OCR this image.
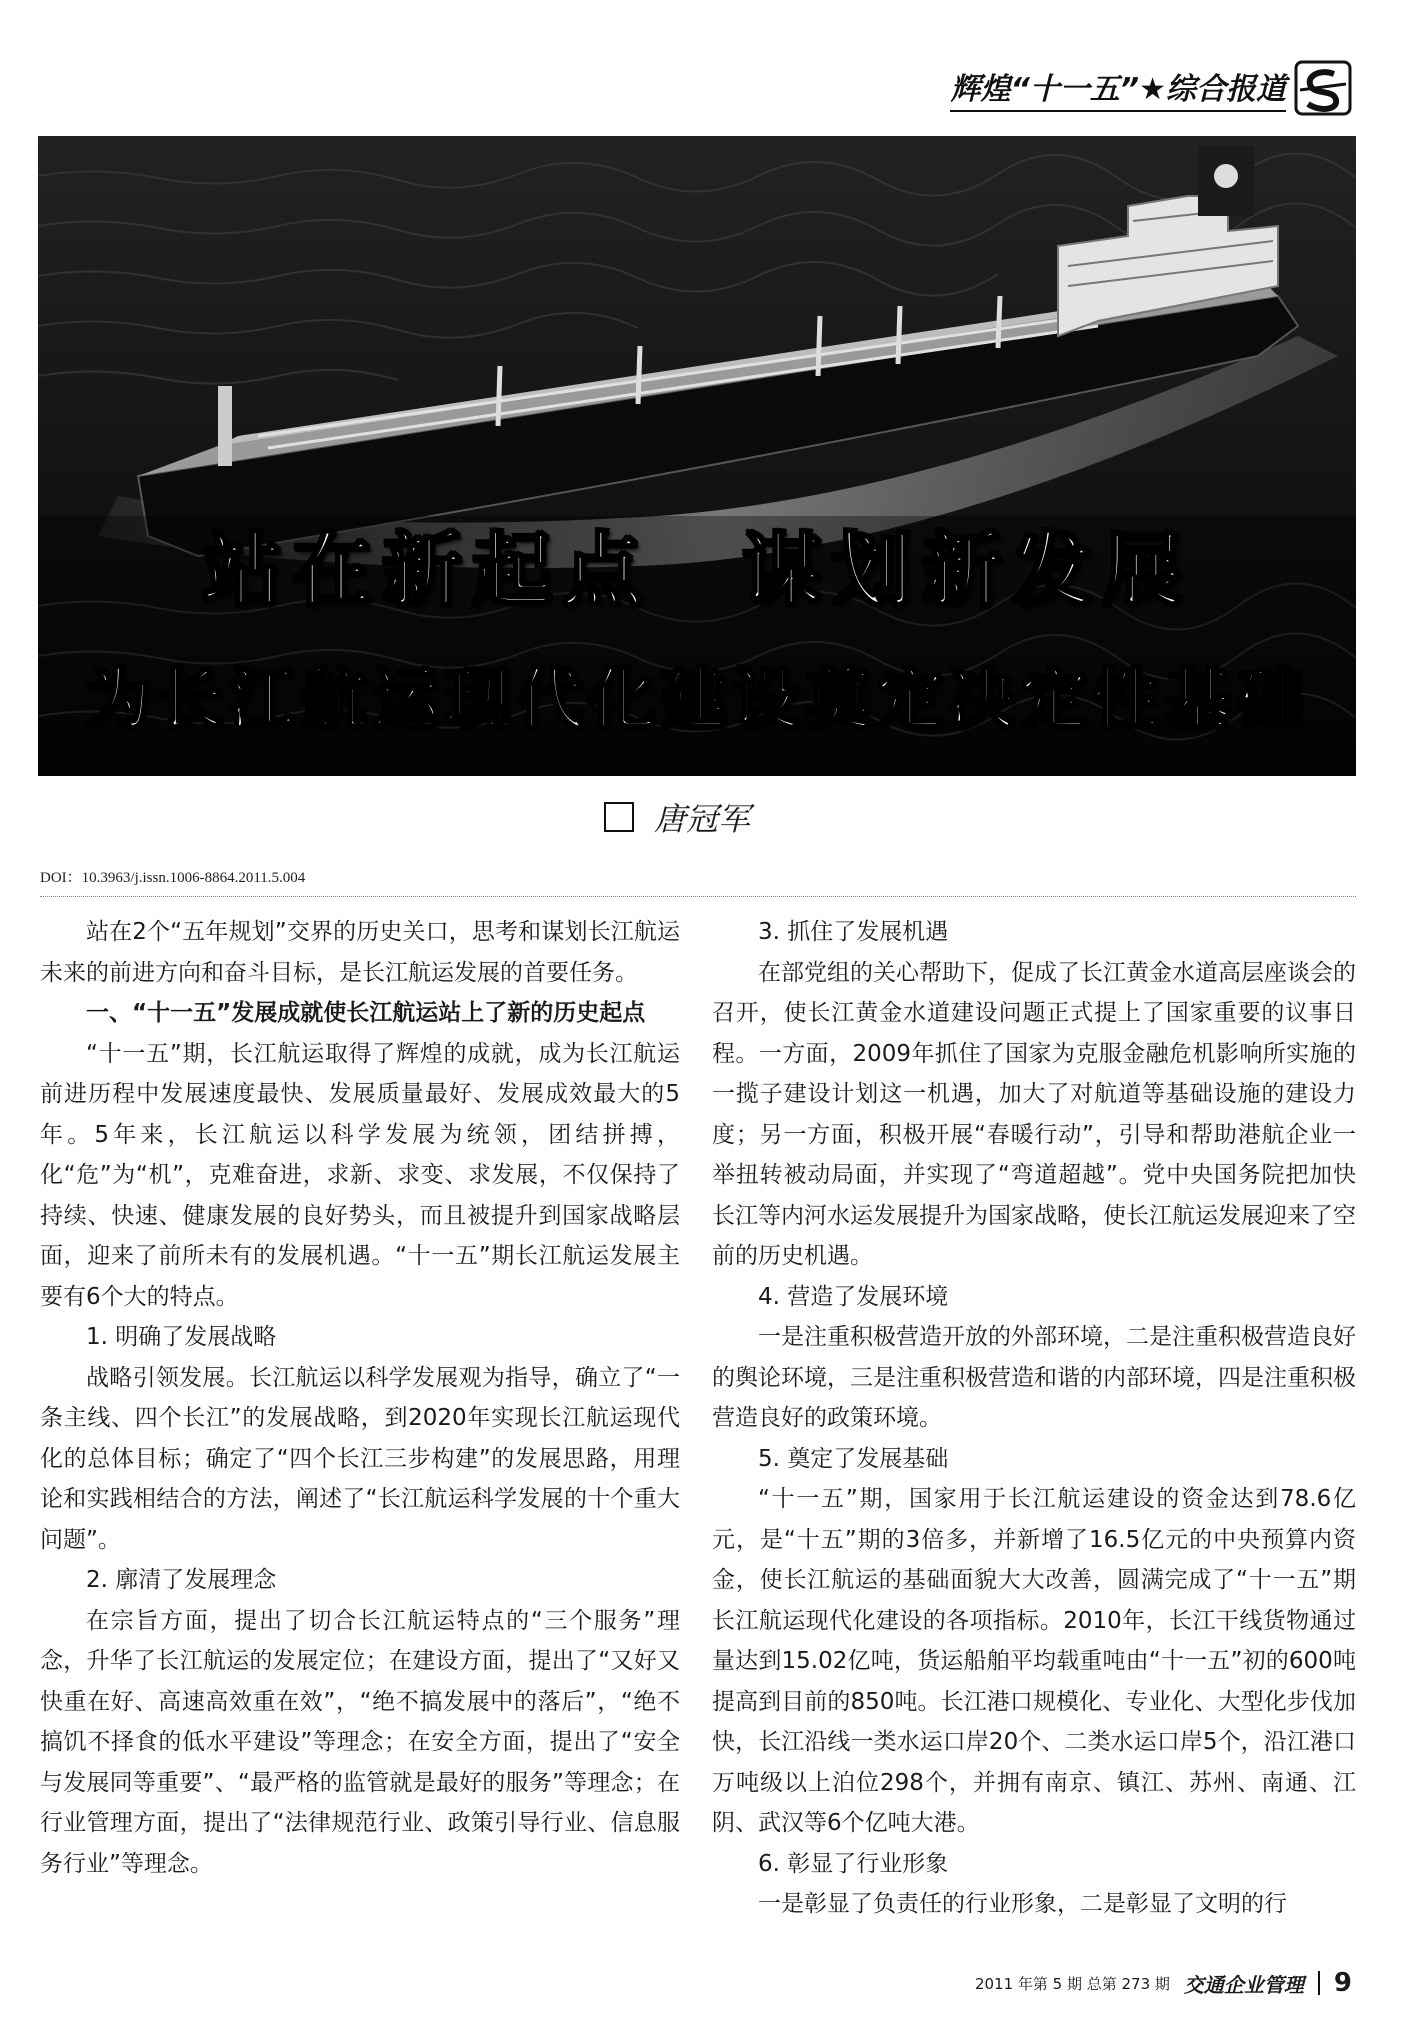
辉煌“十一五”★综合报道
站在新起点　谋划新发展
为长江航运现代化建设奠定决定性基础
唐冠军
DOI：10.3963/j.issn.1006-8864.2011.5.004

站在2个“五年规划”交界的历史关口，思考和谋划长江航运未来的前进方向和奋斗目标，是长江航运发展的首要任务。

一、“十一五”发展成就使长江航运站上了新的历史起点

“十一五”期，长江航运取得了辉煌的成就，成为长江航运前进历程中发展速度最快、发展质量最好、发展成效最大的5年。5年来，长江航运以科学发展为统领，团结拼搏，化“危”为“机”，克难奋进，求新、求变、求发展，不仅保持了持续、快速、健康发展的良好势头，而且被提升到国家战略层面，迎来了前所未有的发展机遇。“十一五”期长江航运发展主要有6个大的特点。

1. 明确了发展战略

战略引领发展。长江航运以科学发展观为指导，确立了“一条主线、四个长江”的发展战略，到2020年实现长江航运现代化的总体目标；确定了“四个长江三步构建”的发展思路，用理论和实践相结合的方法，阐述了“长江航运科学发展的十个重大问题”。

2. 廓清了发展理念

在宗旨方面，提出了切合长江航运特点的“三个服务”理念，升华了长江航运的发展定位；在建设方面，提出了“又好又快重在好、高速高效重在效”，“绝不搞发展中的落后”，“绝不搞饥不择食的低水平建设”等理念；在安全方面，提出了“安全与发展同等重要”、“最严格的监管就是最好的服务”等理念；在行业管理方面，提出了“法律规范行业、政策引导行业、信息服务行业”等理念。

3. 抓住了发展机遇

在部党组的关心帮助下，促成了长江黄金水道高层座谈会的召开，使长江黄金水道建设问题正式提上了国家重要的议事日程。一方面，2009年抓住了国家为克服金融危机影响所实施的一揽子建设计划这一机遇，加大了对航道等基础设施的建设力度；另一方面，积极开展“春暖行动”，引导和帮助港航企业一举扭转被动局面，并实现了“弯道超越”。党中央国务院把加快长江等内河水运发展提升为国家战略，使长江航运发展迎来了空前的历史机遇。

4. 营造了发展环境

一是注重积极营造开放的外部环境，二是注重积极营造良好的舆论环境，三是注重积极营造和谐的内部环境，四是注重积极营造良好的政策环境。

5. 奠定了发展基础

“十一五”期，国家用于长江航运建设的资金达到78.6亿元，是“十五”期的3倍多，并新增了16.5亿元的中央预算内资金，使长江航运的基础面貌大大改善，圆满完成了“十一五”期长江航运现代化建设的各项指标。2010年，长江干线货物通过量达到15.02亿吨，货运船舶平均载重吨由“十一五”初的600吨提高到目前的850吨。长江港口规模化、专业化、大型化步伐加快，长江沿线一类水运口岸20个、二类水运口岸5个，沿江港口万吨级以上泊位298个，并拥有南京、镇江、苏州、南通、江阴、武汉等6个亿吨大港。

6. 彰显了行业形象

一是彰显了负责任的行业形象，二是彰显了文明的行

2011 年第 5 期 总第 273 期 交通企业管理 9
